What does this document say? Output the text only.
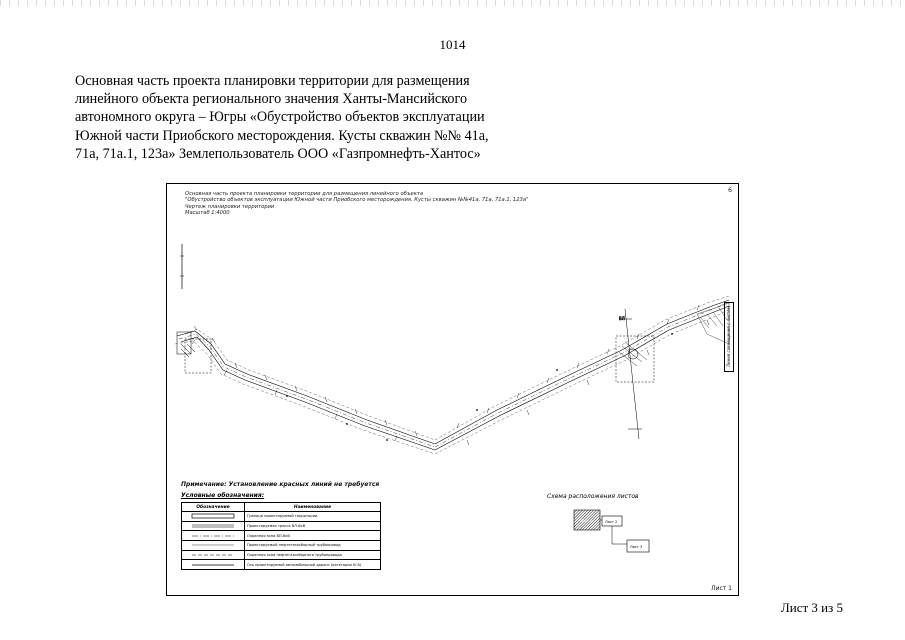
1014
Основная часть проекта планировки территории для размещения
линейного объекта регионального значения Ханты-Мансийского
автономного округа – Югры «Обустройство объектов эксплуатации
Южной части Приобского месторождения. Кусты скважин №№ 41а,
71а, 71а.1, 123а» Землепользователь ООО «Газпромнефть-Хантос»
ВЛ
6
Основная часть проекта планировки территории для размещения линейного объекта
"Обустройство объектов эксплуатации Южной части Приобского месторождения. Кусты скважин №№41а, 71а, 71а.1, 123а"
Чертеж планировки территории
Масштаб 1:4000
Линия совмещения с листом
Примечание: Установление красных линий не требуется
Условные обозначения:
Обозначение	Наименование

	Граница проектируемой территории

	Проектируемая трасса ВЛ-6кВ

	Охранная зона ВЛ-6кВ

	Проектируемый нефтегазосборный трубопровод

	Охранная зона нефтегазосборного трубопровода

	Ось проектируемой автомобильной дороги (категория IV-Б)
Схема расположения листов
Лист 1	Лист 2
Лист 3
Лист 1
Лист 3 из 5
